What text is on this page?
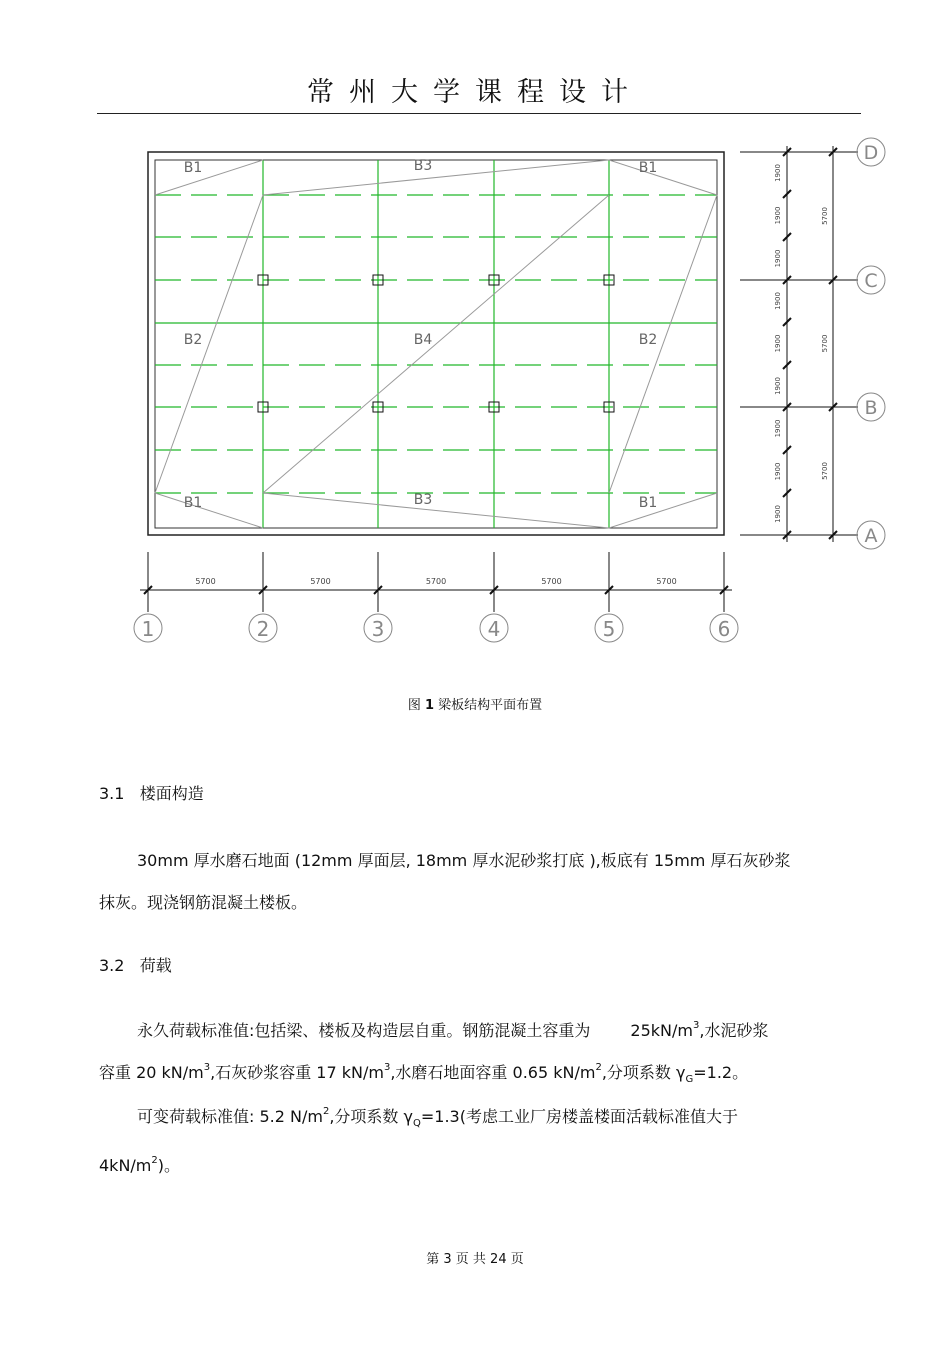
常州大学课程设计
B1	B3	B1
B2	B4	B2
B1	B3	B1
1	2	3	4	5	6
5700	5700	5700	5700	5700
D
C
B
A
1900
1900
1900
1900
1900
1900
1900
1900
1900
5700
5700
5700
图 1 梁板结构平面布置
3.1 楼面构造
30mm 厚水磨石地面 (12mm 厚面层, 18mm 厚水泥砂浆打底 ),板底有 15mm 厚石灰砂浆
抹灰。现浇钢筋混凝土楼板。
3.2 荷载
永久荷载标准值:包括梁、楼板及构造层自重。钢筋混凝土容重为	$25kN/m^3$,水泥砂浆
容重 20 $kN/m^3$,石灰砂浆容重 17 $kN/m^3$,水磨石地面容重 0.65 $kN/m^2$,分项系数 $\gamma_G=1.2$。
可变荷载标准值: 5.2 $N/m^2$,分项系数 $\gamma_Q=1.3$(考虑工业厂房楼盖楼面活载标准值大于
$4kN/m^2$)。
第 3 页 共 24 页
